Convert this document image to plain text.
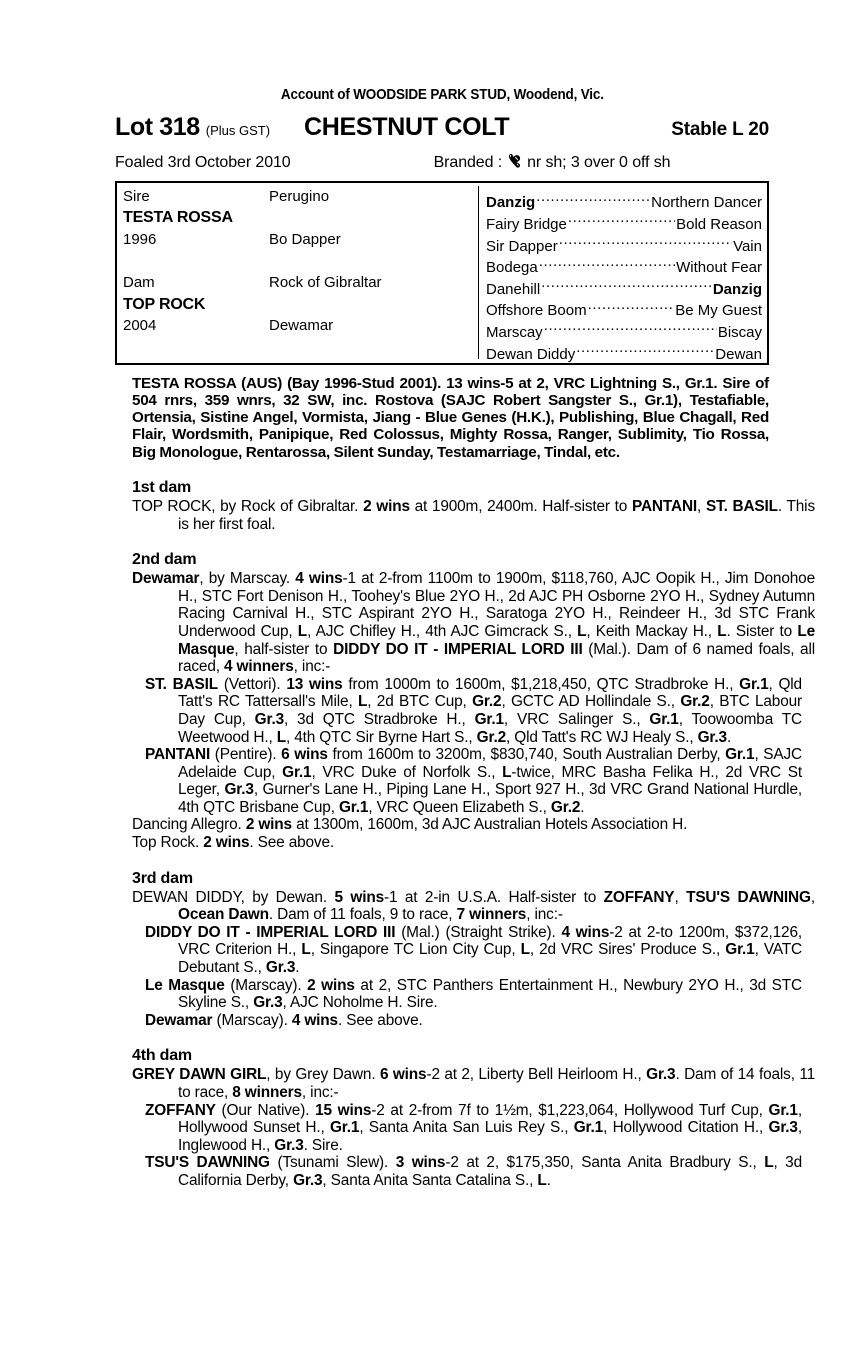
Account of WOODSIDE PARK STUD, Woodend, Vic.
Lot 318 (Plus GST) CHESTNUT COLT	Stable L 20
Foaled 3rd October 2010	Branded : nr sh; 3 over 0 off sh
Sire	Perugino
TESTA ROSSA
1996	Bo Dapper
Dam	Rock of Gibraltar
TOP ROCK
2004	Dewamar
Danzig .....	Northern Dancer
Fairy Bridge .....	Bold Reason
Sir Dapper .....	Vain
Bodega .....	Without Fear
Danehill .....	Danzig
Offshore Boom .....	Be My Guest
Marscay .....	Biscay
Dewan Diddy .....	Dewan
TESTA ROSSA (AUS) (Bay 1996-Stud 2001). 13 wins-5 at 2, VRC Lightning S., Gr.1. Sire of 504 rnrs, 359 wnrs, 32 SW, inc. Rostova (SAJC Robert Sangster S., Gr.1), Testafiable, Ortensia, Sistine Angel, Vormista, Jiang - Blue Genes (H.K.), Publishing, Blue Chagall, Red Flair, Wordsmith, Panipique, Red Colossus, Mighty Rossa, Ranger, Sublimity, Tio Rossa, Big Monologue, Rentarossa, Silent Sunday, Testamarriage, Tindal, etc.
1st dam
TOP ROCK, by Rock of Gibraltar. 2 wins at 1900m, 2400m. Half-sister to PANTANI, ST. BASIL. This is her first foal.
2nd dam
Dewamar, by Marscay. 4 wins-1 at 2-from 1100m to 1900m, $118,760, AJC Oopik H., Jim Donohoe H., STC Fort Denison H., Toohey's Blue 2YO H., 2d AJC PH Osborne 2YO H., Sydney Autumn Racing Carnival H., STC Aspirant 2YO H., Saratoga 2YO H., Reindeer H., 3d STC Frank Underwood Cup, L, AJC Chifley H., 4th AJC Gimcrack S., L, Keith Mackay H., L. Sister to Le Masque, half-sister to DIDDY DO IT - IMPERIAL LORD III (Mal.). Dam of 6 named foals, all raced, 4 winners, inc:-
ST. BASIL (Vettori). 13 wins from 1000m to 1600m, $1,218,450, QTC Stradbroke H., Gr.1, Qld Tatt's RC Tattersall's Mile, L, 2d BTC Cup, Gr.2, GCTC AD Hollindale S., Gr.2, BTC Labour Day Cup, Gr.3, 3d QTC Stradbroke H., Gr.1, VRC Salinger S., Gr.1, Toowoomba TC Weetwood H., L, 4th QTC Sir Byrne Hart S., Gr.2, Qld Tatt's RC WJ Healy S., Gr.3.
PANTANI (Pentire). 6 wins from 1600m to 3200m, $830,740, South Australian Derby, Gr.1, SAJC Adelaide Cup, Gr.1, VRC Duke of Norfolk S., L-twice, MRC Basha Felika H., 2d VRC St Leger, Gr.3, Gurner's Lane H., Piping Lane H., Sport 927 H., 3d VRC Grand National Hurdle, 4th QTC Brisbane Cup, Gr.1, VRC Queen Elizabeth S., Gr.2.
Dancing Allegro. 2 wins at 1300m, 1600m, 3d AJC Australian Hotels Association H.
Top Rock. 2 wins. See above.
3rd dam
DEWAN DIDDY, by Dewan. 5 wins-1 at 2-in U.S.A. Half-sister to ZOFFANY, TSU'S DAWNING, Ocean Dawn. Dam of 11 foals, 9 to race, 7 winners, inc:-
DIDDY DO IT - IMPERIAL LORD III (Mal.) (Straight Strike). 4 wins-2 at 2-to 1200m, $372,126, VRC Criterion H., L, Singapore TC Lion City Cup, L, 2d VRC Sires' Produce S., Gr.1, VATC Debutant S., Gr.3.
Le Masque (Marscay). 2 wins at 2, STC Panthers Entertainment H., Newbury 2YO H., 3d STC Skyline S., Gr.3, AJC Noholme H. Sire.
Dewamar (Marscay). 4 wins. See above.
4th dam
GREY DAWN GIRL, by Grey Dawn. 6 wins-2 at 2, Liberty Bell Heirloom H., Gr.3. Dam of 14 foals, 11 to race, 8 winners, inc:-
ZOFFANY (Our Native). 15 wins-2 at 2-from 7f to 1½m, $1,223,064, Hollywood Turf Cup, Gr.1, Hollywood Sunset H., Gr.1, Santa Anita San Luis Rey S., Gr.1, Hollywood Citation H., Gr.3, Inglewood H., Gr.3. Sire.
TSU'S DAWNING (Tsunami Slew). 3 wins-2 at 2, $175,350, Santa Anita Bradbury S., L, 3d California Derby, Gr.3, Santa Anita Santa Catalina S., L.
